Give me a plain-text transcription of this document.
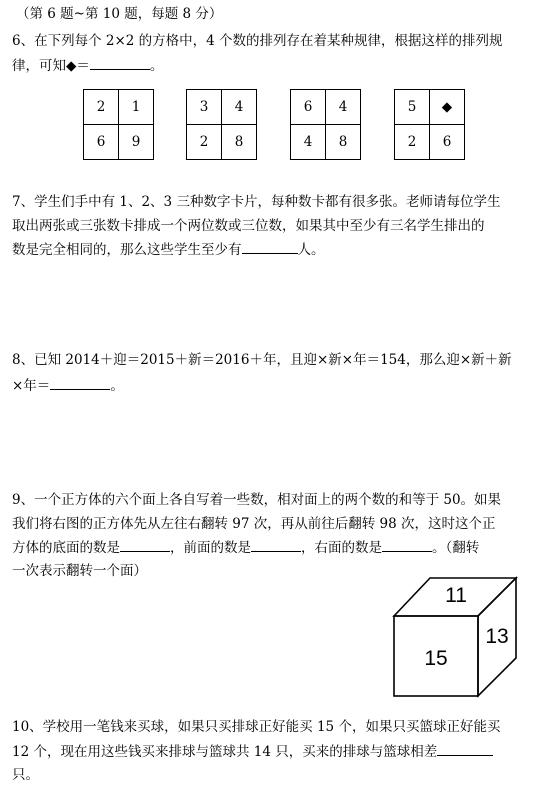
（第 6 题~第 10 题，每题 8 分）
6、在下列每个 2×2 的方格中，4 个数的排列存在着某种规律，根据这样的排列规
律，可知◆＝	。
2	1
6	9
3	4
2	8
6	4
4	8
5	◆
2	6
7、学生们手中有 1、2、3 三种数字卡片，每种数卡都有很多张。老师请每位学生
取出两张或三张数卡排成一个两位数或三位数，如果其中至少有三名学生排出的
数是完全相同的，那么这些学生至少有	人。
8、已知 2014＋迎＝2015＋新＝2016＋年，且迎×新×年＝154，那么迎×新＋新
×年＝	。
9、一个正方体的六个面上各自写着一些数，相对面上的两个数的和等于 50。如果
我们将右图的正方体先从左往右翻转 97 次，再从前往后翻转 98 次，这时这个正
方体的底面的数是	，前面的数是	，右面的数是	。（翻转
一次表示翻转一个面）
11
15
13
10、学校用一笔钱来买球，如果只买排球正好能买 15 个，如果只买篮球正好能买
12 个，现在用这些钱买来排球与篮球共 14 只，买来的排球与篮球相差
只。
